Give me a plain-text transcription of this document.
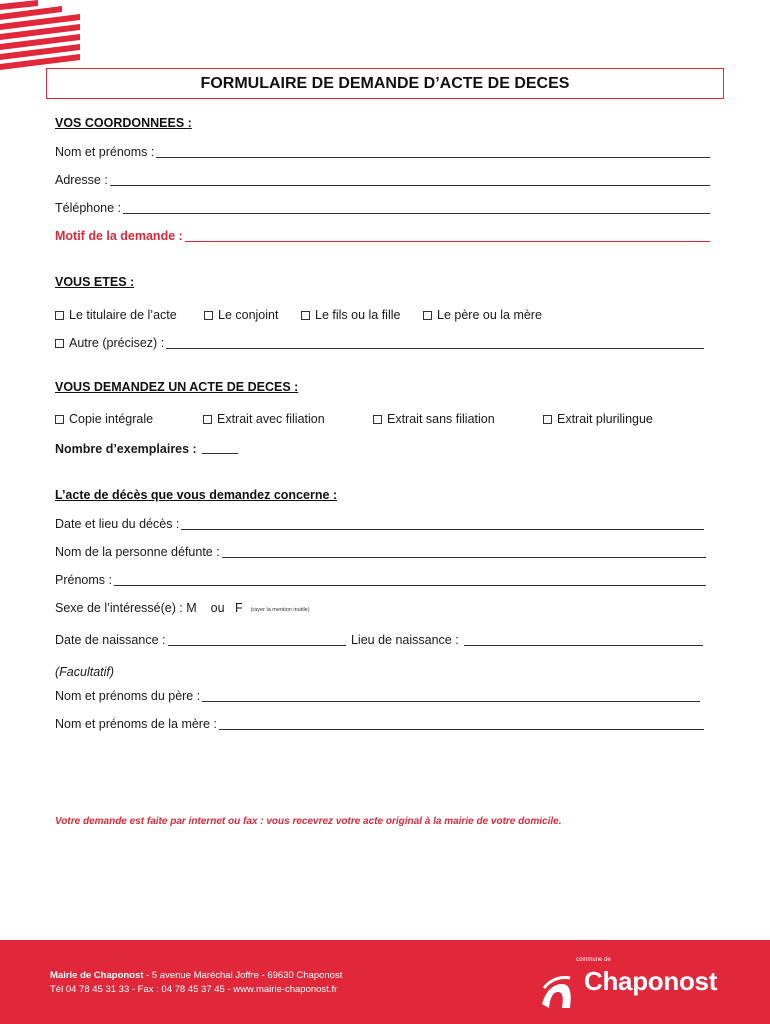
FORMULAIRE DE DEMANDE D’ACTE DE DECES
VOS COORDONNEES :
Nom et prénoms :
Adresse :
Téléphone :
Motif de la demande :
VOUS ETES :
Le titulaire de l’acte	Le conjoint	Le fils ou la fille	Le père ou la mère
Autre (précisez) :
VOUS DEMANDEZ UN ACTE DE DECES :
Copie intégrale	Extrait avec filiation	Extrait sans filiation	Extrait plurilingue
Nombre d’exemplaires :
L’acte de décès que vous demandez concerne :
Date et lieu du décès :
Nom de la personne défunte :
Prénoms :
Sexe de l’intéressé(e) : M    ou   F (rayer la mention inutile)
Date de naissance :	Lieu de naissance :
(Facultatif)
Nom et prénoms du père :
Nom et prénoms de la mère :
Votre demande est faite par internet ou fax : vous recevrez votre acte original à la mairie de votre domicile.
Mairie de Chaponost - 5 avenue Maréchal Joffre - 69630 Chaponost
Tél 04 78 45 31 33 - Fax : 04 78 45 37 45 - www.mairie-chaponost.fr
commune de
Chaponost
